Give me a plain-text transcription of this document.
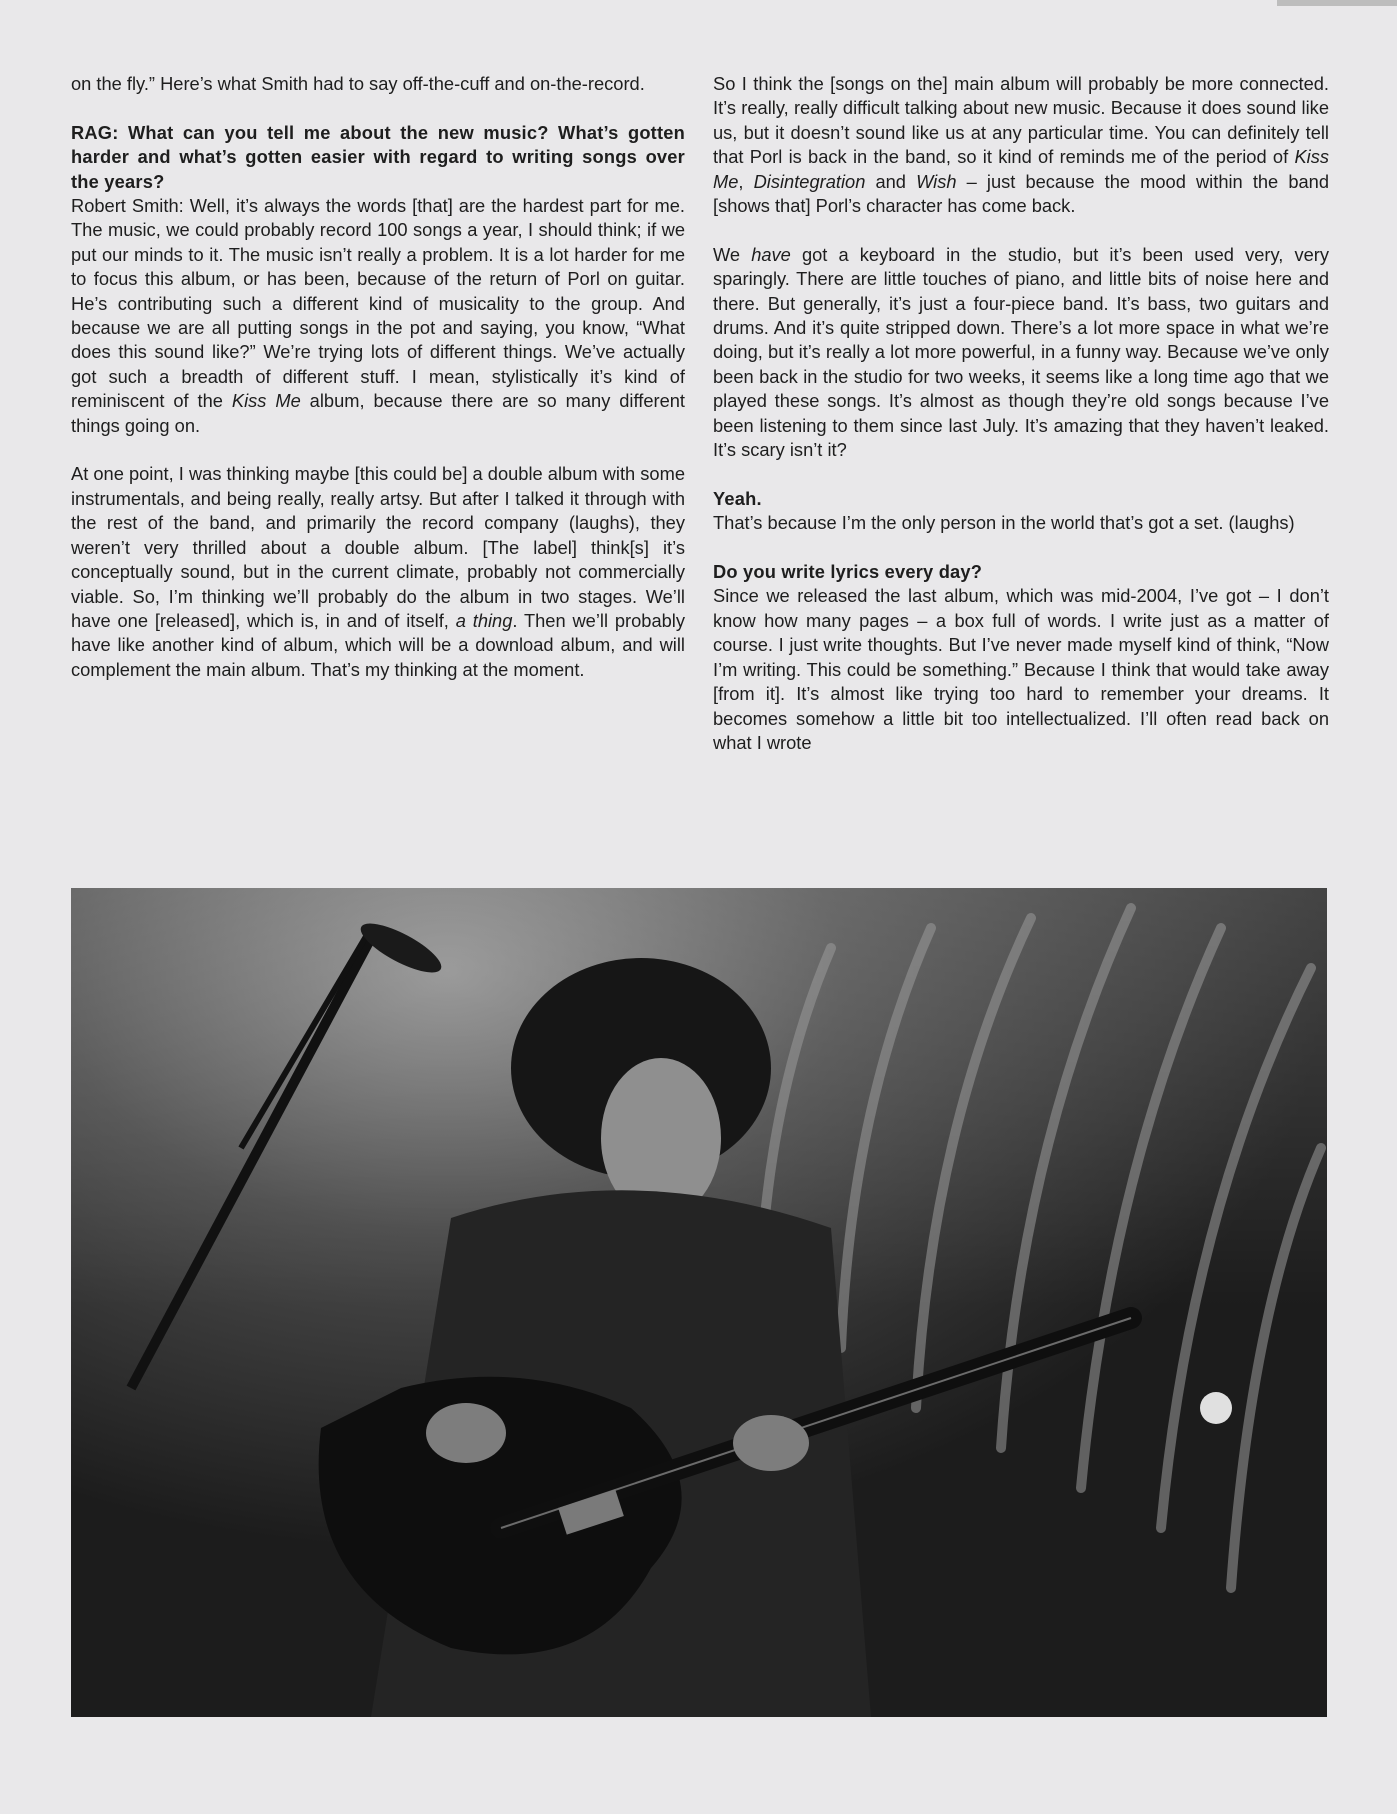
on the fly.” Here’s what Smith had to say off-the-cuff and on-the-record.

RAG: What can you tell me about the new music? What’s gotten harder and what’s gotten easier with regard to writing songs over the years?

Robert Smith: Well, it’s always the words [that] are the hardest part for me. The music, we could probably record 100 songs a year, I should think; if we put our minds to it. The music isn’t really a problem. It is a lot harder for me to focus this album, or has been, because of the return of Porl on guitar. He’s contributing such a different kind of musicality to the group. And because we are all putting songs in the pot and saying, you know, “What does this sound like?” We’re trying lots of different things. We’ve actually got such a breadth of different stuff. I mean, stylistically it’s kind of reminiscent of the Kiss Me album, because there are so many different things going on.

At one point, I was thinking maybe [this could be] a double album with some instrumentals, and being really, really artsy. But after I talked it through with the rest of the band, and primarily the record company (laughs), they weren’t very thrilled about a double album. [The label] think[s] it’s conceptually sound, but in the current climate, probably not commercially viable. So, I’m thinking we’ll probably do the album in two stages. We’ll have one [released], which is, in and of itself, a thing. Then we’ll probably have like another kind of album, which will be a download album, and will complement the main album. That’s my thinking at the moment.

So I think the [songs on the] main album will probably be more connected. It’s really, really difficult talking about new music. Because it does sound like us, but it doesn’t sound like us at any particular time. You can definitely tell that Porl is back in the band, so it kind of reminds me of the period of Kiss Me, Disintegration and Wish – just because the mood within the band [shows that] Porl’s character has come back.

We have got a keyboard in the studio, but it’s been used very, very sparingly. There are little touches of piano, and little bits of noise here and there. But generally, it’s just a four-piece band. It’s bass, two guitars and drums. And it’s quite stripped down. There’s a lot more space in what we’re doing, but it’s really a lot more powerful, in a funny way. Because we’ve only been back in the studio for two weeks, it seems like a long time ago that we played these songs. It’s almost as though they’re old songs because I’ve been listening to them since last July. It’s amazing that they haven’t leaked. It’s scary isn’t it?

Yeah.

That’s because I’m the only person in the world that’s got a set. (laughs)

Do you write lyrics every day?

Since we released the last album, which was mid-2004, I’ve got – I don’t know how many pages – a box full of words. I write just as a matter of course. I just write thoughts. But I’ve never made myself kind of think, “Now I’m writing. This could be something.” Because I think that would take away [from it]. It’s almost like trying too hard to remember your dreams. It becomes somehow a little bit too intellectualized. I’ll often read back on what I wrote
